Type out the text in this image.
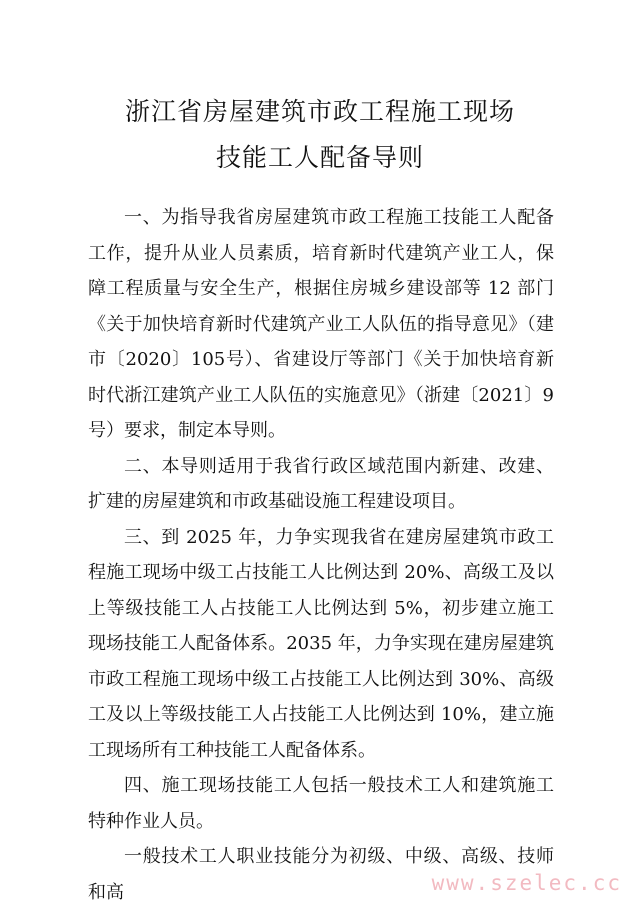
浙江省房屋建筑市政工程施工现场
技能工人配备导则

一、为指导我省房屋建筑市政工程施工技能工人配备工作，提升从业人员素质，培育新时代建筑产业工人，保障工程质量与安全生产，根据住房城乡建设部等 12 部门《关于加快培育新时代建筑产业工人队伍的指导意见》（建市〔2020〕105号）、省建设厅等部门《关于加快培育新时代浙江建筑产业工人队伍的实施意见》（浙建〔2021〕9号）要求，制定本导则。

二、本导则适用于我省行政区域范围内新建、改建、扩建的房屋建筑和市政基础设施工程建设项目。

三、到 2025 年，力争实现我省在建房屋建筑市政工程施工现场中级工占技能工人比例达到 20%、高级工及以上等级技能工人占技能工人比例达到 5%，初步建立施工现场技能工人配备体系。2035 年，力争实现在建房屋建筑市政工程施工现场中级工占技能工人比例达到 30%、高级工及以上等级技能工人占技能工人比例达到 10%，建立施工现场所有工种技能工人配备体系。

四、施工现场技能工人包括一般技术工人和建筑施工特种作业人员。

一般技术工人职业技能分为初级、中级、高级、技师和高	www.szelec.cc
